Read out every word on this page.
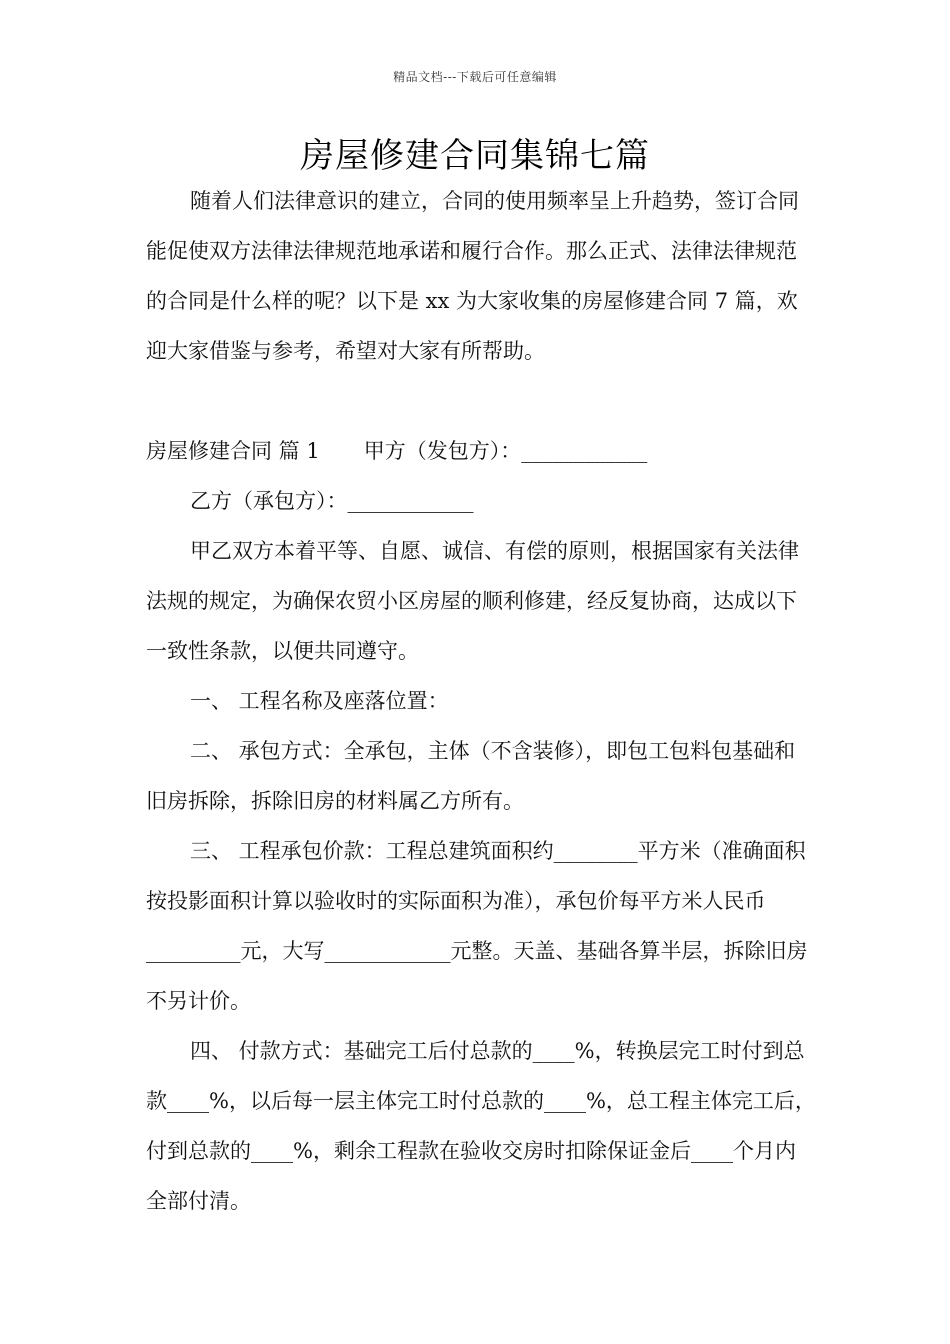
精品文档---下载后可任意编辑
房屋修建合同集锦七篇

随着人们法律意识的建立，合同的使用频率呈上升趋势，签订合同能促使双方法律法律规范地承诺和履行合作。那么正式、法律法律规范的合同是什么样的呢？以下是 xx 为大家收集的房屋修建合同 7 篇，欢迎大家借鉴与参考，希望对大家有所帮助。

房屋修建合同 篇 1 甲方（发包方）：____________

乙方（承包方）：____________

甲乙双方本着平等、自愿、诚信、有偿的原则，根据国家有关法律法规的规定，为确保农贸小区房屋的顺利修建，经反复协商，达成以下一致性条款，以便共同遵守。

一、 工程名称及座落位置：

二、 承包方式：全承包，主体（不含装修），即包工包料包基础和旧房拆除，拆除旧房的材料属乙方所有。

三、 工程承包价款：工程总建筑面积约________平方米（准确面积按投影面积计算以验收时的实际面积为准），承包价每平方米人民币_________元，大写____________元整。天盖、基础各算半层，拆除旧房不另计价。

四、 付款方式：基础完工后付总款的____%，转换层完工时付到总款____%，以后每一层主体完工时付总款的____%，总工程主体完工后，付到总款的____%，剩余工程款在验收交房时扣除保证金后____个月内全部付清。
